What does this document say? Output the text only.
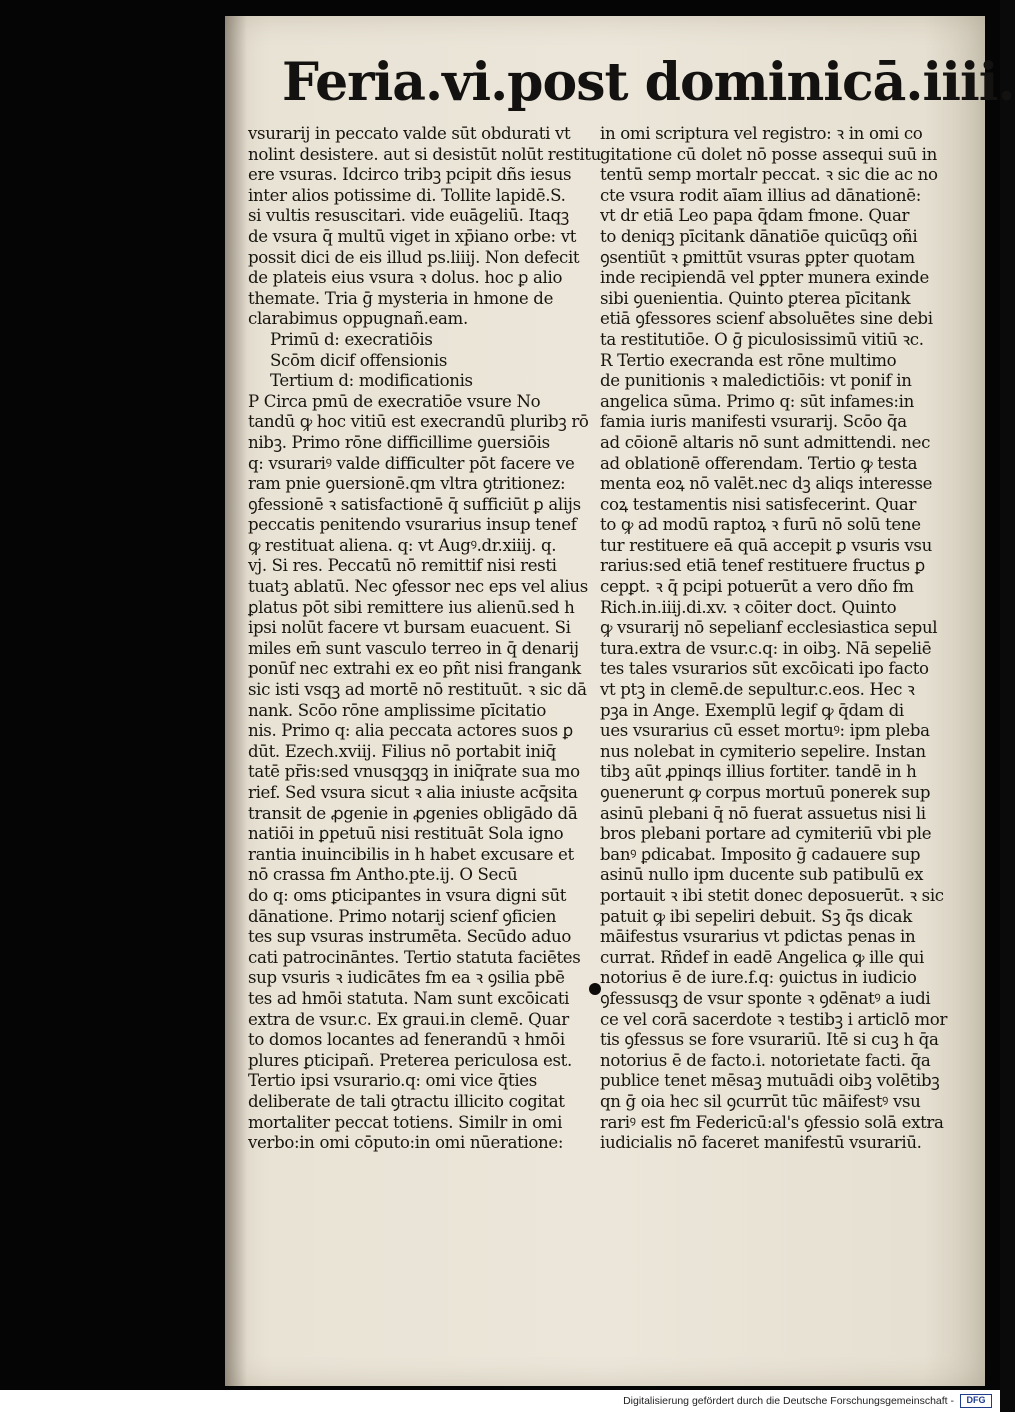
Feria.vi.post dominicā.iiii.
vsurarij in peccato valde sūt obdurati vt
nolint desistere. aut si desistūt nolūt restitu
ere vsuras. Idcirco tribꝫ pcipit dñs iesus
inter alios potissime di. Tollite lapidē.S.
si vultis resuscitari. vide euāgeliū. Itaqꝫ
de vsura q̄ multū viget in xp̄iano orbe: vt
possit dici de eis illud ps.liiij. Non defecit
de plateis eius vsura ꝛ dolus. hoc ꝑ alio
themate. Tria ḡ mysteria in hmone de
clarabimus oppugnañ.eam.
Primū d: execratiōis
Scōm dicif offensionis
Tertium d: modificationis
P Circa pmū de execratiōe vsure No
tandū ꝙ hoc vitiū est execrandū pluribꝫ rō
nibꝫ. Primo rōne difficillime ꝯuersiōis
q: vsurariꝰ valde difficulter pōt facere ve
ram pnie ꝯuersionē.qm vltra ꝯtritionez:
ꝯfessionē ꝛ satisfactionē q̄ sufficiūt ꝑ alijs
peccatis penitendo vsurarius insup tenef
ꝙ restituat aliena. q: vt Augꝰ.dr.xiiij. q.
vj. Si res. Peccatū nō remittif nisi resti
tuatꝫ ablatū. Nec ꝯfessor nec eps vel alius
ꝑlatus pōt sibi remittere ius alienū.sed h
ipsi nolūt facere vt bursam euacuent. Si
miles em̄ sunt vasculo terreo in q̄ denarij
ponūf nec extrahi ex eo pñt nisi frangank
sic isti vsqꝫ ad mortē nō restituūt. ꝛ sic dā
nank. Scōo rōne amplissime pīcitatio
nis. Primo q: alia peccata actores suos ꝑ
dūt. Ezech.xviij. Filius nō portabit iniq̄
tatē pr̄is:sed vnusqꝫqꝫ in iniq̄rate sua mo
rief. Sed vsura sicut ꝛ alia iniuste acq̄sita
transit de ꝓgenie in ꝓgenies obligādo dā
natiōi in ꝑpetuū nisi restituāt Sola igno
rantia inuincibilis in h habet excusare et
nō crassa fm Antho.pte.ij. O Secū
do q: oms ꝑticipantes in vsura digni sūt
dānatione. Primo notarij scienf ꝯficien
tes sup vsuras instrumēta. Secūdo aduo
cati patrocināntes. Tertio statuta faciētes
sup vsuris ꝛ iudicātes fm ea ꝛ ꝯsilia pbē
tes ad hmōi statuta. Nam sunt excōicati
extra de vsur.c. Ex graui.in clemē. Quar
to domos locantes ad fenerandū ꝛ hmōi
plures ꝑticipañ. Preterea periculosa est.
Tertio ipsi vsurario.q: omi vice q̄ties
deliberate de tali ꝯtractu illicito cogitat
mortaliter peccat totiens. Similr in omi
verbo:in omi cōputo:in omi nūeratione:
in omi scriptura vel registro: ꝛ in omi co
gitatione cū dolet nō posse assequi suū in
tentū semp mortalr peccat. ꝛ sic die ac no
cte vsura rodit aīam illius ad dānationē:
vt dr etiā Leo papa q̄dam fmone. Quar
to deniqꝫ pīcitank dānatiōe quicūqꝫ oñi
ꝯsentiūt ꝛ ꝑmittūt vsuras ꝑpter quotam
inde recipiendā vel ꝑpter munera exinde
sibi ꝯuenientia. Quinto ꝑterea pīcitank
etiā ꝯfessores scienf absoluētes sine debi
ta restitutiōe. O ḡ piculosissimū vitiū ꝛc.
R Tertio execranda est rōne multimo
de punitionis ꝛ maledictiōis: vt ponif in
angelica sūma. Primo q: sūt infames:in
famia iuris manifesti vsurarij. Scōo q̄a
ad cōionē altaris nō sunt admittendi. nec
ad oblationē offerendam. Tertio ꝙ testa
menta eoꝝ nō valēt.nec dꝫ aliqs interesse
coꝝ testamentis nisi satisfecerint. Quar
to ꝙ ad modū raptoꝝ ꝛ furū nō solū tene
tur restituere eā quā accepit ꝑ vsuris vsu
rarius:sed etiā tenef restituere fructus ꝑ
cepꝑt. ꝛ q̄ pcipi potuerūt a vero dño fm
Rich.in.iiij.di.xv. ꝛ cōiter doct. Quinto
ꝙ vsurarij nō sepelianf ecclesiastica sepul
tura.extra de vsur.c.q: in oibꝫ. Nā sepeliē
tes tales vsurarios sūt excōicati ipo facto
vt ptꝫ in clemē.de sepultur.c.eos. Hec ꝛ
pꝫa in Ange. Exemplū legif ꝙ q̄dam di
ues vsurarius cū esset mortuꝰ: ipm pleba
nus nolebat in cymiterio sepelire. Instan
tibꝫ aūt ꝓpinqs illius fortiter. tandē in h
ꝯuenerunt ꝙ corpus mortuū ponerek sup
asinū plebani q̄ nō fuerat assuetus nisi li
bros plebani portare ad cymiteriū vbi ple
banꝰ ꝑdicabat. Imposito ḡ cadauere sup
asinū nullo ipm ducente sub patibulū ex
portauit ꝛ ibi stetit donec deposuerūt. ꝛ sic
patuit ꝙ ibi sepeliri debuit. Sꝫ q̄s dicak
māifestus vsurarius vt pdictas penas in
currat. Rñdef in eadē Angelica ꝙ ille qui
notorius ē de iure.f.q: ꝯuictus in iudicio
ꝯfessusqꝫ de vsur sponte ꝛ ꝯdēnatꝰ a iudi
ce vel corā sacerdote ꝛ testibꝫ i articlō mor
tis ꝯfessus se fore vsurariū. Itē si cuꝫ h q̄a
notorius ē de facto.i. notorietate facti. q̄a
publice tenet mēsaꝫ mutuādi oibꝫ volētibꝫ
qn ḡ oia hec sil ꝯcurrūt tūc māifestꝰ vsu
rariꝰ est fm Federicū:al's ꝯfessio solā extra
iudicialis nō faceret manifestū vsurariū.
Digitalisierung gefördert durch die Deutsche Forschungsgemeinschaft -	DFG
